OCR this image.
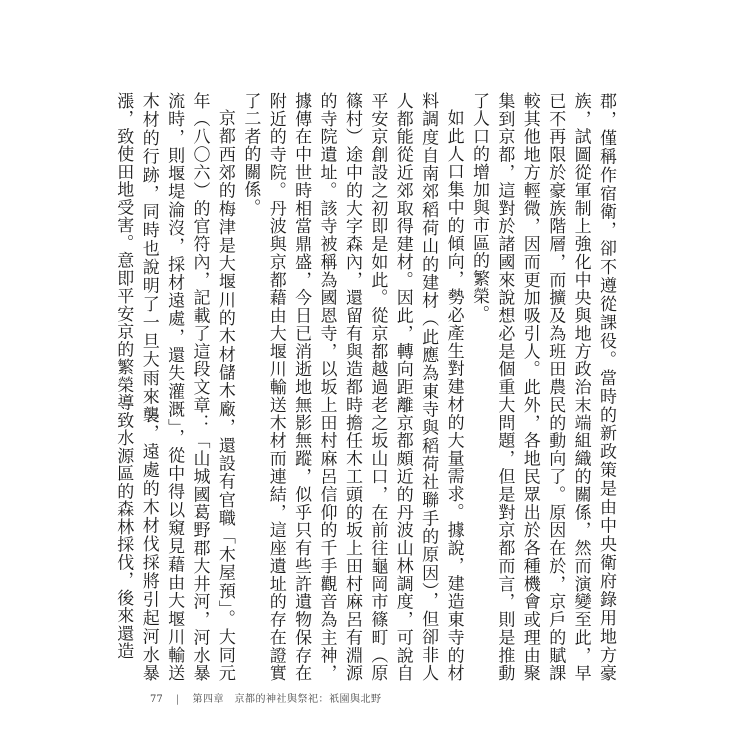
郡，僅稱作宿衛，卻不遵從課役。當時的新政策是由中央衛府錄用地方豪族，試圖從軍制上強化中央與地方政治末端組織的關係，然而演變至此，早已不再限於豪族階層，而擴及為班田農民的動向了。原因在於，京戶的賦課較其他地方輕微，因而更加吸引人。此外，各地民眾出於各種機會或理由聚集到京都，這對於諸國來說想必是個重大問題，但是對京都而言，則是推動了人口的增加與市區的繁榮。

如此人口集中的傾向，勢必產生對建材的大量需求。據說，建造東寺的材料調度自南郊稻荷山的建材（此應為東寺與稻荷社聯手的原因），但卻非人人都能從近郊取得建材。因此，轉向距離京都頗近的丹波山林調度，可說自平安京創設之初即是如此。從京都越過老之坂山口，在前往龜岡市篠町（原篠村）途中的大字森內，還留有與造都時擔任木工頭的坂上田村麻呂有淵源的寺院遺址。該寺被稱為國恩寺，以坂上田村麻呂信仰的千手觀音為主神，據傳在中世時相當鼎盛，今日已消逝地無影無蹤，似乎只有些許遺物保存在附近的寺院。丹波與京都藉由大堰川輸送木材而連結，這座遺址的存在證實了二者的關係。

京都西郊的梅津是大堰川的木材儲木廠，還設有官職「木屋預」。大同元年（八〇六）的官符內，記載了這段文章：「山城國葛野郡大井河，河水暴流時，則堰堤淪沒，採材遠處，還失灌溉」，從中得以窺見藉由大堰川輸送木材的行跡，同時也說明了一旦大雨來襲，遠處的木材伐採將引起河水暴漲，致使田地受害。意即平安京的繁榮導致水源區的森林採伐，後來還造

77 | 第四章　京都的神社與祭祀：祇園與北野
